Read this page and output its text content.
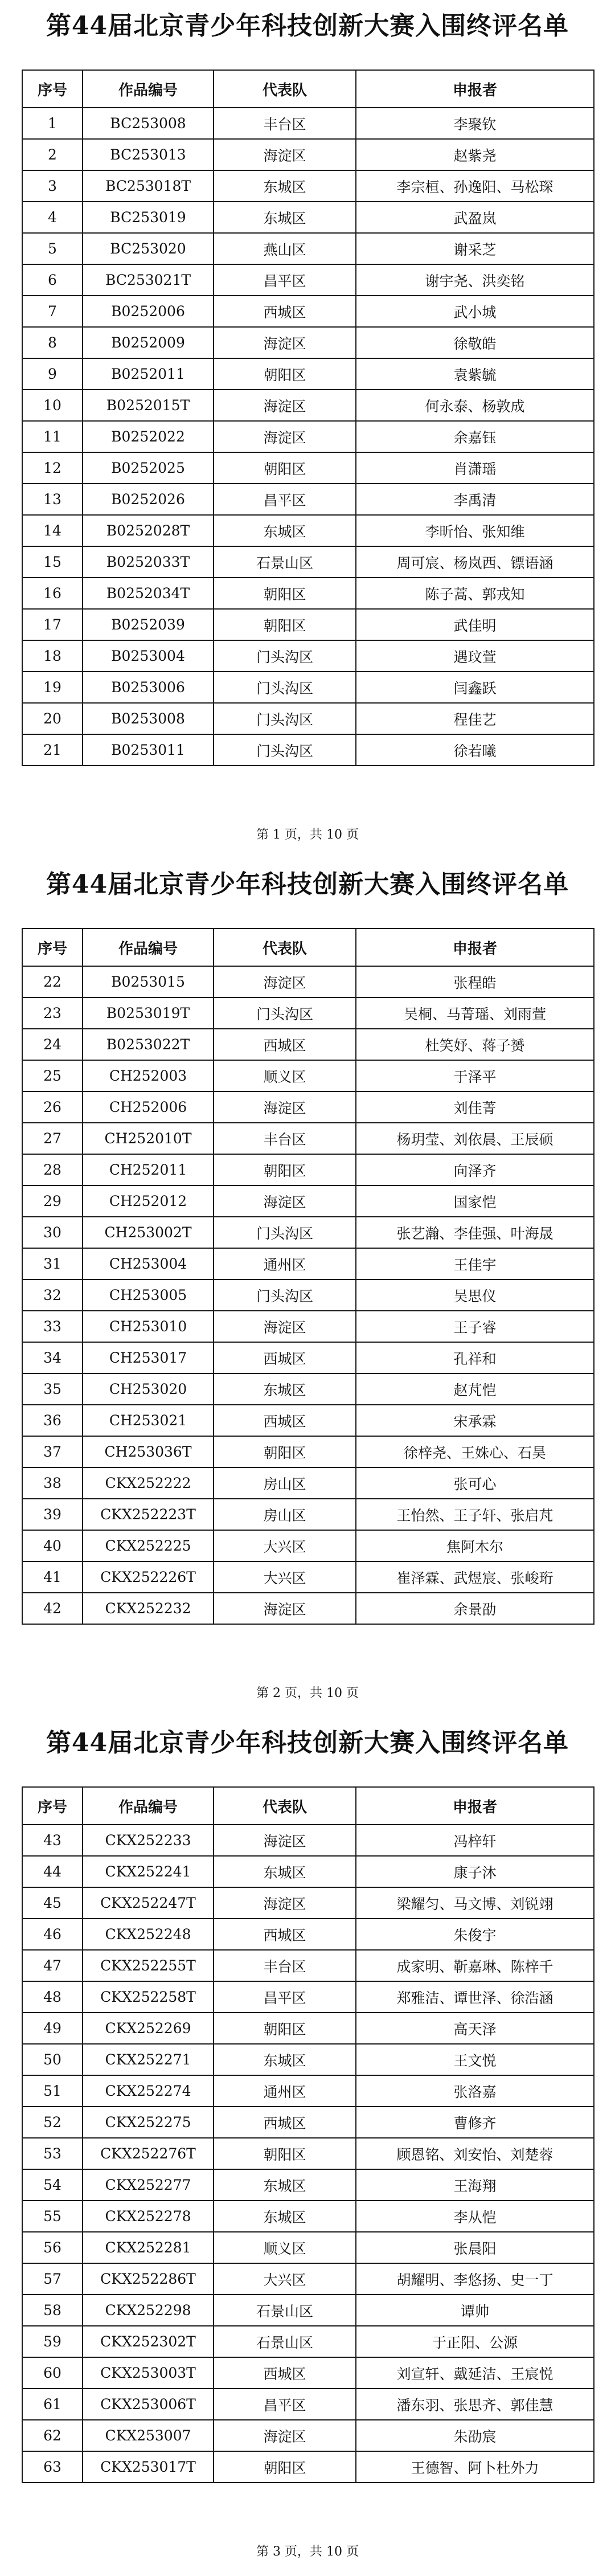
第44届北京青少年科技创新大赛入围终评名单
序号	作品编号	代表队	申报者
1	BC253008	丰台区	李聚钦
2	BC253013	海淀区	赵紫尧
3	BC253018T	东城区	李宗桓、孙逸阳、马松琛
4	BC253019	东城区	武盈岚
5	BC253020	燕山区	谢采芝
6	BC253021T	昌平区	谢宇尧、洪奕铭
7	B0252006	西城区	武小城
8	B0252009	海淀区	徐敬皓
9	B0252011	朝阳区	袁紫毓
10	B0252015T	海淀区	何永泰、杨敦成
11	B0252022	海淀区	余嘉钰
12	B0252025	朝阳区	肖潇瑶
13	B0252026	昌平区	李禹清
14	B0252028T	东城区	李昕怡、张知维
15	B0252033T	石景山区	周可宸、杨岚西、镖语涵
16	B0252034T	朝阳区	陈子蒿、郭戎知
17	B0252039	朝阳区	武佳明
18	B0253004	门头沟区	遇玟萱
19	B0253006	门头沟区	闫鑫跃
20	B0253008	门头沟区	程佳艺
21	B0253011	门头沟区	徐若曦
第 1 页，共 10 页
第44届北京青少年科技创新大赛入围终评名单
序号	作品编号	代表队	申报者
22	B0253015	海淀区	张程皓
23	B0253019T	门头沟区	吴桐、马菁瑶、刘雨萱
24	B0253022T	西城区	杜笑妤、蒋子赟
25	CH252003	顺义区	于泽平
26	CH252006	海淀区	刘佳菁
27	CH252010T	丰台区	杨玥莹、刘依晨、王辰硕
28	CH252011	朝阳区	向泽齐
29	CH252012	海淀区	国家恺
30	CH253002T	门头沟区	张艺瀚、李佳强、叶海晟
31	CH253004	通州区	王佳宇
32	CH253005	门头沟区	吴思仪
33	CH253010	海淀区	王子睿
34	CH253017	西城区	孔祥和
35	CH253020	东城区	赵芃恺
36	CH253021	西城区	宋承霖
37	CH253036T	朝阳区	徐梓尧、王姝心、石昊
38	CKX252222	房山区	张可心
39	CKX252223T	房山区	王怡然、王子轩、张启芃
40	CKX252225	大兴区	焦阿木尔
41	CKX252226T	大兴区	崔泽霖、武煜宸、张峻珩
42	CKX252232	海淀区	余景劭
第 2 页，共 10 页
第44届北京青少年科技创新大赛入围终评名单
序号	作品编号	代表队	申报者
43	CKX252233	海淀区	冯梓轩
44	CKX252241	东城区	康子沐
45	CKX252247T	海淀区	梁耀匀、马文博、刘锐翊
46	CKX252248	西城区	朱俊宇
47	CKX252255T	丰台区	成家明、靳嘉琳、陈梓千
48	CKX252258T	昌平区	郑雅洁、谭世泽、徐浩涵
49	CKX252269	朝阳区	高天泽
50	CKX252271	东城区	王文悦
51	CKX252274	通州区	张洛嘉
52	CKX252275	西城区	曹修齐
53	CKX252276T	朝阳区	顾恩铭、刘安怡、刘楚蓉
54	CKX252277	东城区	王海翔
55	CKX252278	东城区	李从恺
56	CKX252281	顺义区	张晨阳
57	CKX252286T	大兴区	胡耀明、李悠扬、史一丁
58	CKX252298	石景山区	谭帅
59	CKX252302T	石景山区	于正阳、公源
60	CKX253003T	西城区	刘宣轩、戴延洁、王宸悦
61	CKX253006T	昌平区	潘东羽、张思齐、郭佳慧
62	CKX253007	海淀区	朱劭宸
63	CKX253017T	朝阳区	王德智、阿卜杜外力
第 3 页，共 10 页
